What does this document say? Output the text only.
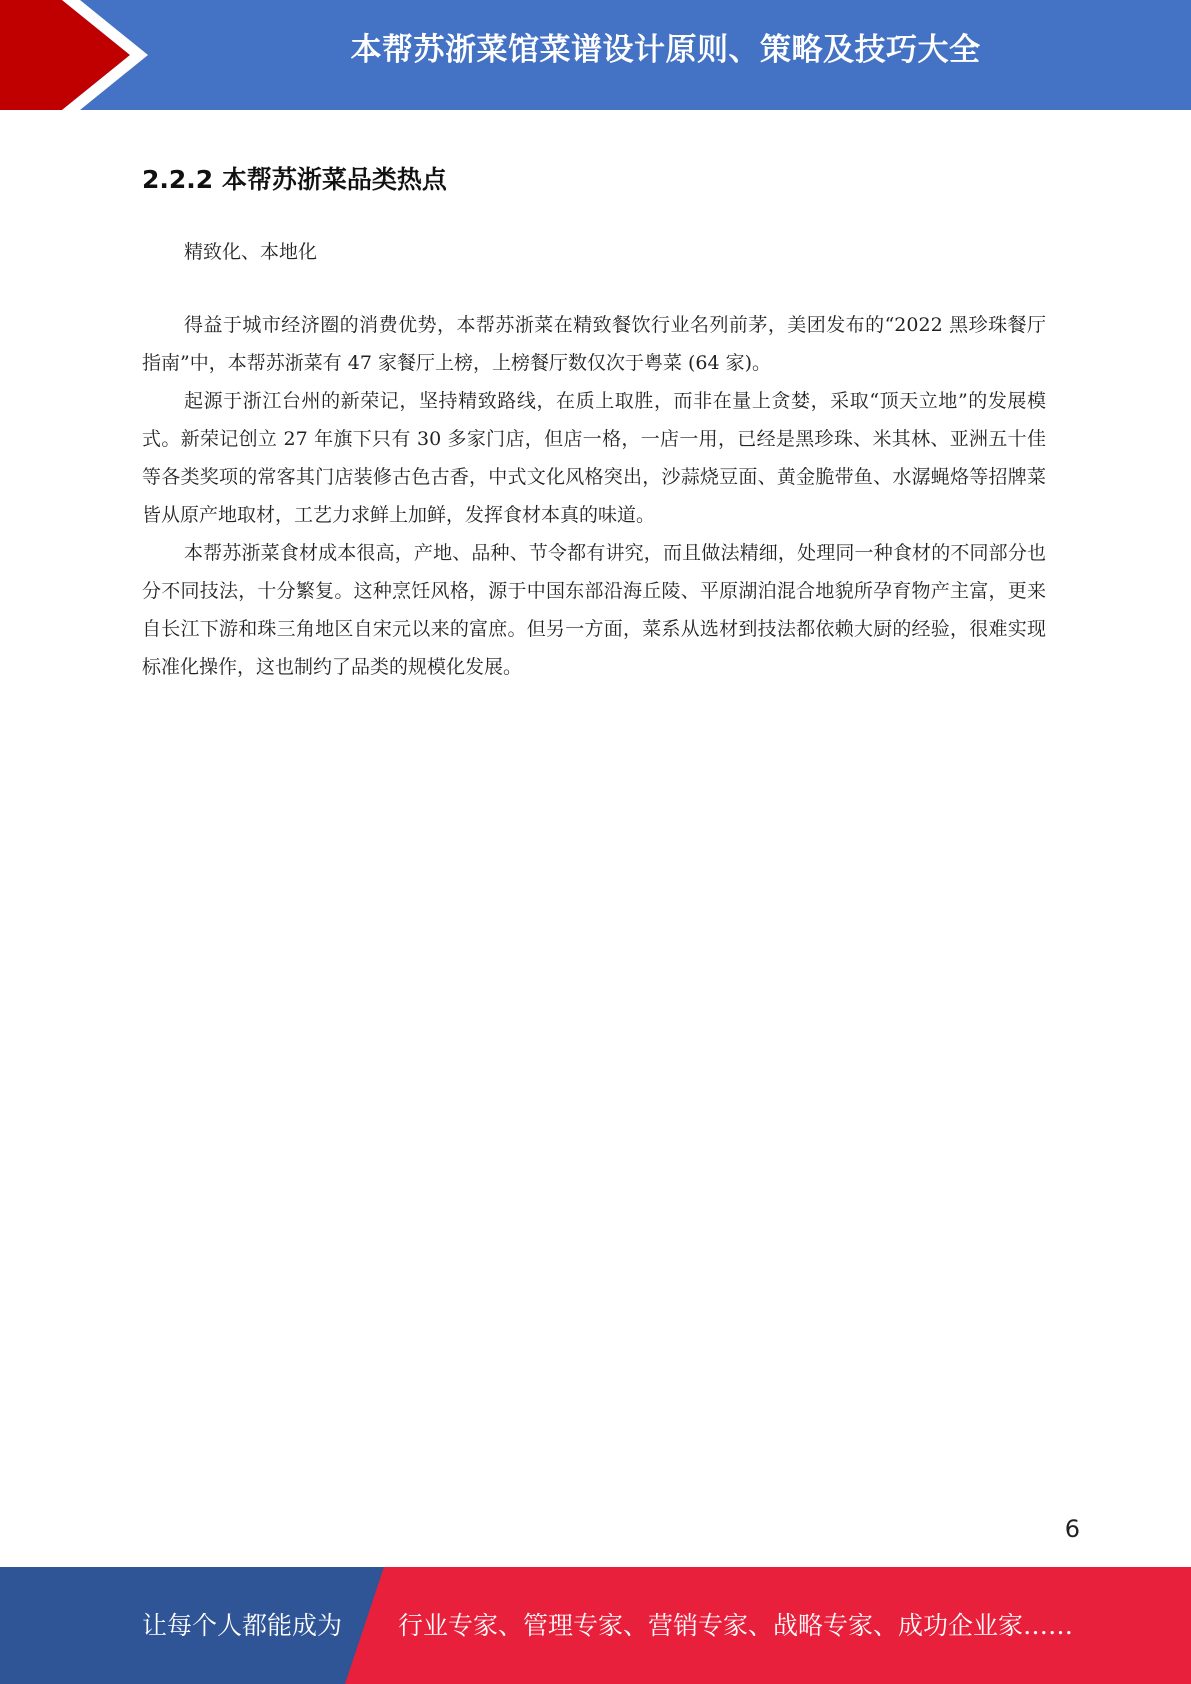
本帮苏浙菜馆菜谱设计原则、策略及技巧大全
2.2.2 本帮苏浙菜品类热点

精致化、本地化

得益于城市经济圈的消费优势，本帮苏浙菜在精致餐饮行业名列前茅，美团发布的“2022 黑珍珠餐厅指南”中，本帮苏浙菜有 47 家餐厅上榜，上榜餐厅数仅次于粤菜 (64 家)。

起源于浙江台州的新荣记，坚持精致路线，在质上取胜，而非在量上贪婪，采取“顶天立地”的发展模式。新荣记创立 27 年旗下只有 30 多家门店，但店一格，一店一用，已经是黑珍珠、米其林、亚洲五十佳等各类奖项的常客其门店装修古色古香，中式文化风格突出，沙蒜烧豆面、黄金脆带鱼、水潺蝇烙等招牌菜皆从原产地取材，工艺力求鲜上加鲜，发挥食材本真的味道。

本帮苏浙菜食材成本很高，产地、品种、节令都有讲究，而且做法精细，处理同一种食材的不同部分也分不同技法，十分繁复。这种烹饪风格，源于中国东部沿海丘陵、平原湖泊混合地貌所孕育物产主富，更来自长江下游和珠三角地区自宋元以来的富庶。但另一方面，菜系从选材到技法都依赖大厨的经验，很难实现标准化操作，这也制约了品类的规模化发展。

6
让每个人都能成为 行业专家、管理专家、营销专家、战略专家、成功企业家……
